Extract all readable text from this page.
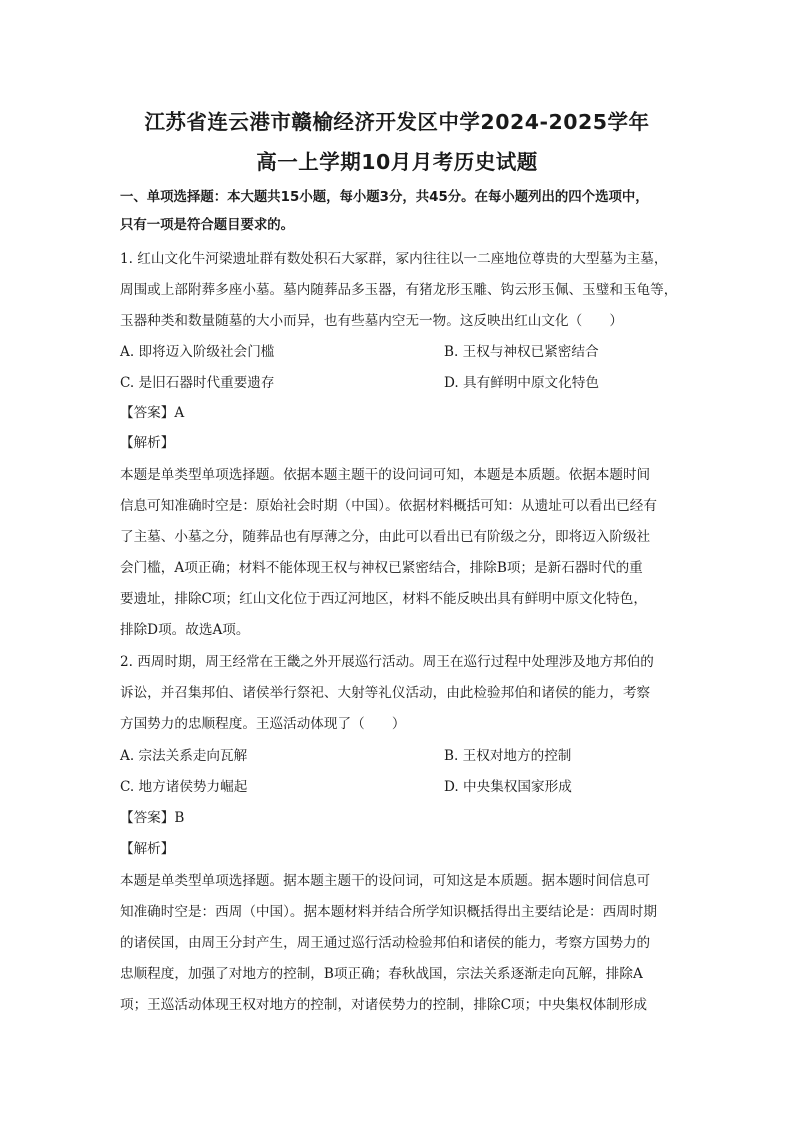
江苏省连云港市赣榆经济开发区中学2024-2025学年
高一上学期10月月考历史试题
一、单项选择题：本大题共15小题，每小题3分，共45分。在每小题列出的四个选项中，
只有一项是符合题目要求的。
1. 红山文化牛河梁遗址群有数处积石大冢群，冢内往往以一二座地位尊贵的大型墓为主墓，
周围或上部附葬多座小墓。墓内随葬品多玉器，有猪龙形玉雕、钩云形玉佩、玉璧和玉龟等，
玉器种类和数量随墓的大小而异，也有些墓内空无一物。这反映出红山文化（　　）
A. 即将迈入阶级社会门槛	B. 王权与神权已紧密结合
C. 是旧石器时代重要遗存	D. 具有鲜明中原文化特色
【答案】A
【解析】
本题是单类型单项选择题。依据本题主题干的设问词可知，本题是本质题。依据本题时间
信息可知准确时空是：原始社会时期（中国）。依据材料概括可知：从遗址可以看出已经有
了主墓、小墓之分，随葬品也有厚薄之分，由此可以看出已有阶级之分，即将迈入阶级社
会门槛，A项正确；材料不能体现王权与神权已紧密结合，排除B项；是新石器时代的重
要遗址，排除C项；红山文化位于西辽河地区，材料不能反映出具有鲜明中原文化特色，
排除D项。故选A项。
2. 西周时期，周王经常在王畿之外开展巡行活动。周王在巡行过程中处理涉及地方邦伯的
诉讼，并召集邦伯、诸侯举行祭祀、大射等礼仪活动，由此检验邦伯和诸侯的能力，考察
方国势力的忠顺程度。王巡活动体现了（　　）
A. 宗法关系走向瓦解	B. 王权对地方的控制
C. 地方诸侯势力崛起	D. 中央集权国家形成
【答案】B
【解析】
本题是单类型单项选择题。据本题主题干的设问词，可知这是本质题。据本题时间信息可
知准确时空是：西周（中国）。据本题材料并结合所学知识概括得出主要结论是：西周时期
的诸侯国，由周王分封产生，周王通过巡行活动检验邦伯和诸侯的能力，考察方国势力的
忠顺程度，加强了对地方的控制，B项正确；春秋战国，宗法关系逐渐走向瓦解，排除A
项；王巡活动体现王权对地方的控制，对诸侯势力的控制，排除C项；中央集权体制形成
